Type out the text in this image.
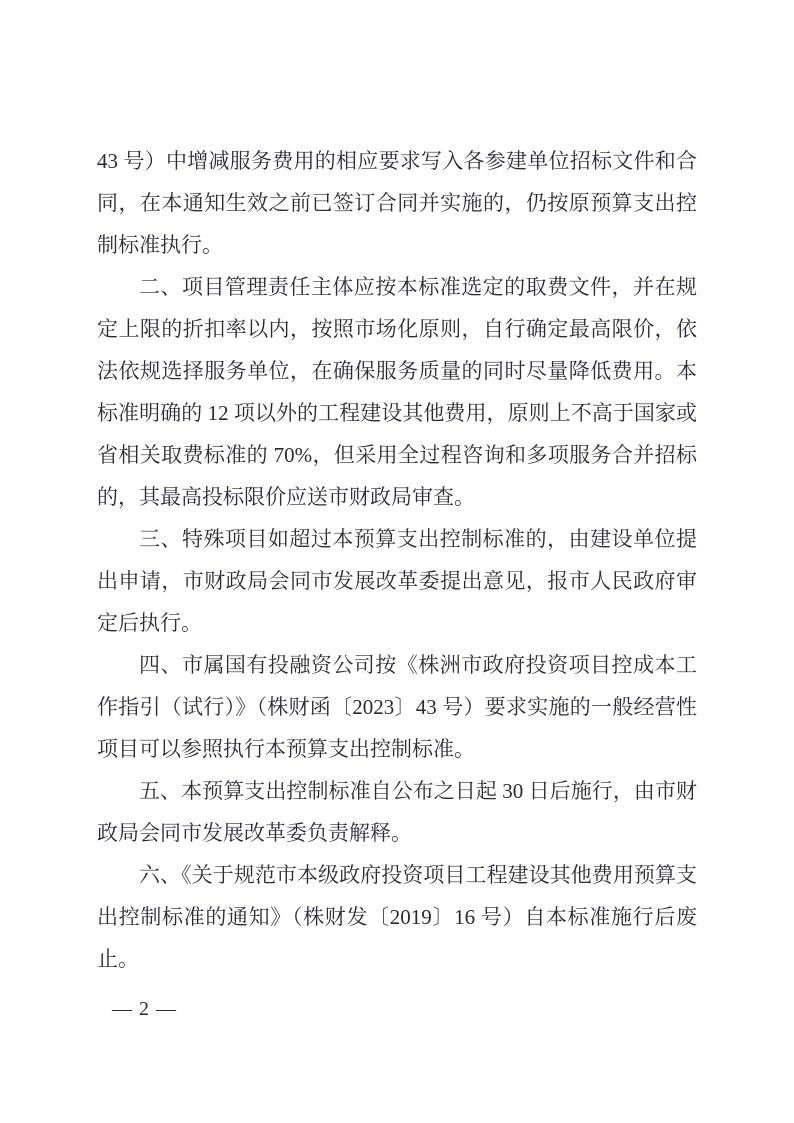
43 号）中增减服务费用的相应要求写入各参建单位招标文件和合同，在本通知生效之前已签订合同并实施的，仍按原预算支出控制标准执行。

二、项目管理责任主体应按本标准选定的取费文件，并在规定上限的折扣率以内，按照市场化原则，自行确定最高限价，依法依规选择服务单位，在确保服务质量的同时尽量降低费用。本标准明确的 12 项以外的工程建设其他费用，原则上不高于国家或省相关取费标准的 70%，但采用全过程咨询和多项服务合并招标的，其最高投标限价应送市财政局审查。

三、特殊项目如超过本预算支出控制标准的，由建设单位提出申请，市财政局会同市发展改革委提出意见，报市人民政府审定后执行。

四、市属国有投融资公司按《株洲市政府投资项目控成本工作指引（试行）》（株财函〔2023〕43 号）要求实施的一般经营性项目可以参照执行本预算支出控制标准。

五、本预算支出控制标准自公布之日起 30 日后施行，由市财政局会同市发展改革委负责解释。

六、《关于规范市本级政府投资项目工程建设其他费用预算支出控制标准的通知》（株财发〔2019〕16 号）自本标准施行后废止。

— 2 —
